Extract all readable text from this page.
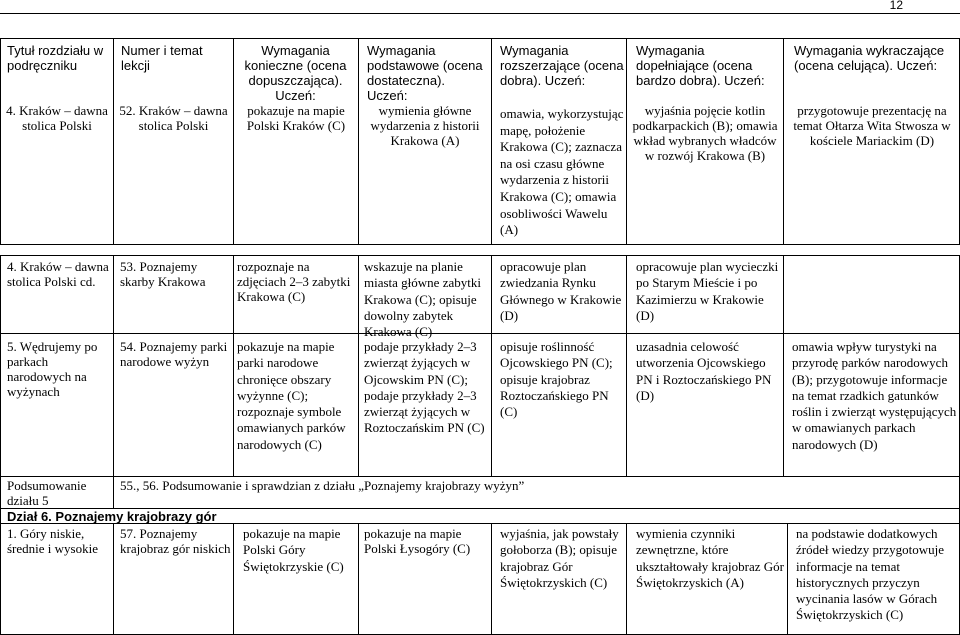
12
Tytuł rozdziału w podręczniku
Numer i temat lekcji
Wymagania konieczne (ocena dopuszczająca). Uczeń:
Wymagania podstawowe (ocena dostateczna). Uczeń:
Wymagania rozszerzające (ocena dobra). Uczeń:
Wymagania dopełniające (ocena bardzo dobra). Uczeń:
Wymagania wykraczające (ocena celująca). Uczeń:
4. Kraków – dawna stolica Polski
52. Kraków – dawna stolica Polski
pokazuje na mapie Polski Kraków (C)
wymienia główne wydarzenia z historii Krakowa (A)
omawia, wykorzystując mapę, położenie Krakowa (C); zaznacza na osi czasu główne wydarzenia z historii Krakowa (C); omawia osobliwości Wawelu (A)
wyjaśnia pojęcie kotlin podkarpackich (B); omawia wkład wybranych władców w rozwój Krakowa (B)
przygotowuje prezentację na temat Ołtarza Wita Stwosza w kościele Mariackim (D)
4. Kraków – dawna stolica Polski cd.
53. Poznajemy skarby Krakowa
rozpoznaje na zdjęciach 2–3 zabytki Krakowa (C)
wskazuje na planie miasta główne zabytki Krakowa (C); opisuje dowolny zabytek Krakowa (C)
opracowuje plan zwiedzania Rynku Głównego w Krakowie (D)
opracowuje plan wycieczki po Starym Mieście i po Kazimierzu w Krakowie (D)
5. Wędrujemy po parkach narodowych na wyżynach
54. Poznajemy parki narodowe wyżyn
pokazuje na mapie parki narodowe chronięce obszary wyżynne (C); rozpoznaje symbole omawianych parków narodowych (C)
podaje przykłady 2–3 zwierząt żyjących w Ojcowskim PN (C); podaje przykłady 2–3 zwierząt żyjących w Roztoczańskim PN (C)
opisuje roślinność Ojcowskiego PN (C); opisuje krajobraz Roztoczańskiego PN (C)
uzasadnia celowość utworzenia Ojcowskiego PN i Roztoczańskiego PN (D)
omawia wpływ turystyki na przyrodę parków narodowych (B); przygotowuje informacje na temat rzadkich gatunków roślin i zwierząt występujących w omawianych parkach narodowych (D)
Podsumowanie działu 5
55., 56. Podsumowanie i sprawdzian z działu „Poznajemy krajobrazy wyżyn”
Dział 6. Poznajemy krajobrazy gór
1. Góry niskie, średnie i wysokie
57. Poznajemy krajobraz gór niskich
pokazuje na mapie Polski Góry Świętokrzyskie (C)
pokazuje na mapie Polski Łysogóry (C)
wyjaśnia, jak powstały gołoborza (B); opisuje krajobraz Gór Świętokrzyskich (C)
wymienia czynniki zewnętrzne, które ukształtowały krajobraz Gór Świętokrzyskich (A)
na podstawie dodatkowych źródeł wiedzy przygotowuje informacje na temat historycznych przyczyn wycinania lasów w Górach Świętokrzyskich (C)
